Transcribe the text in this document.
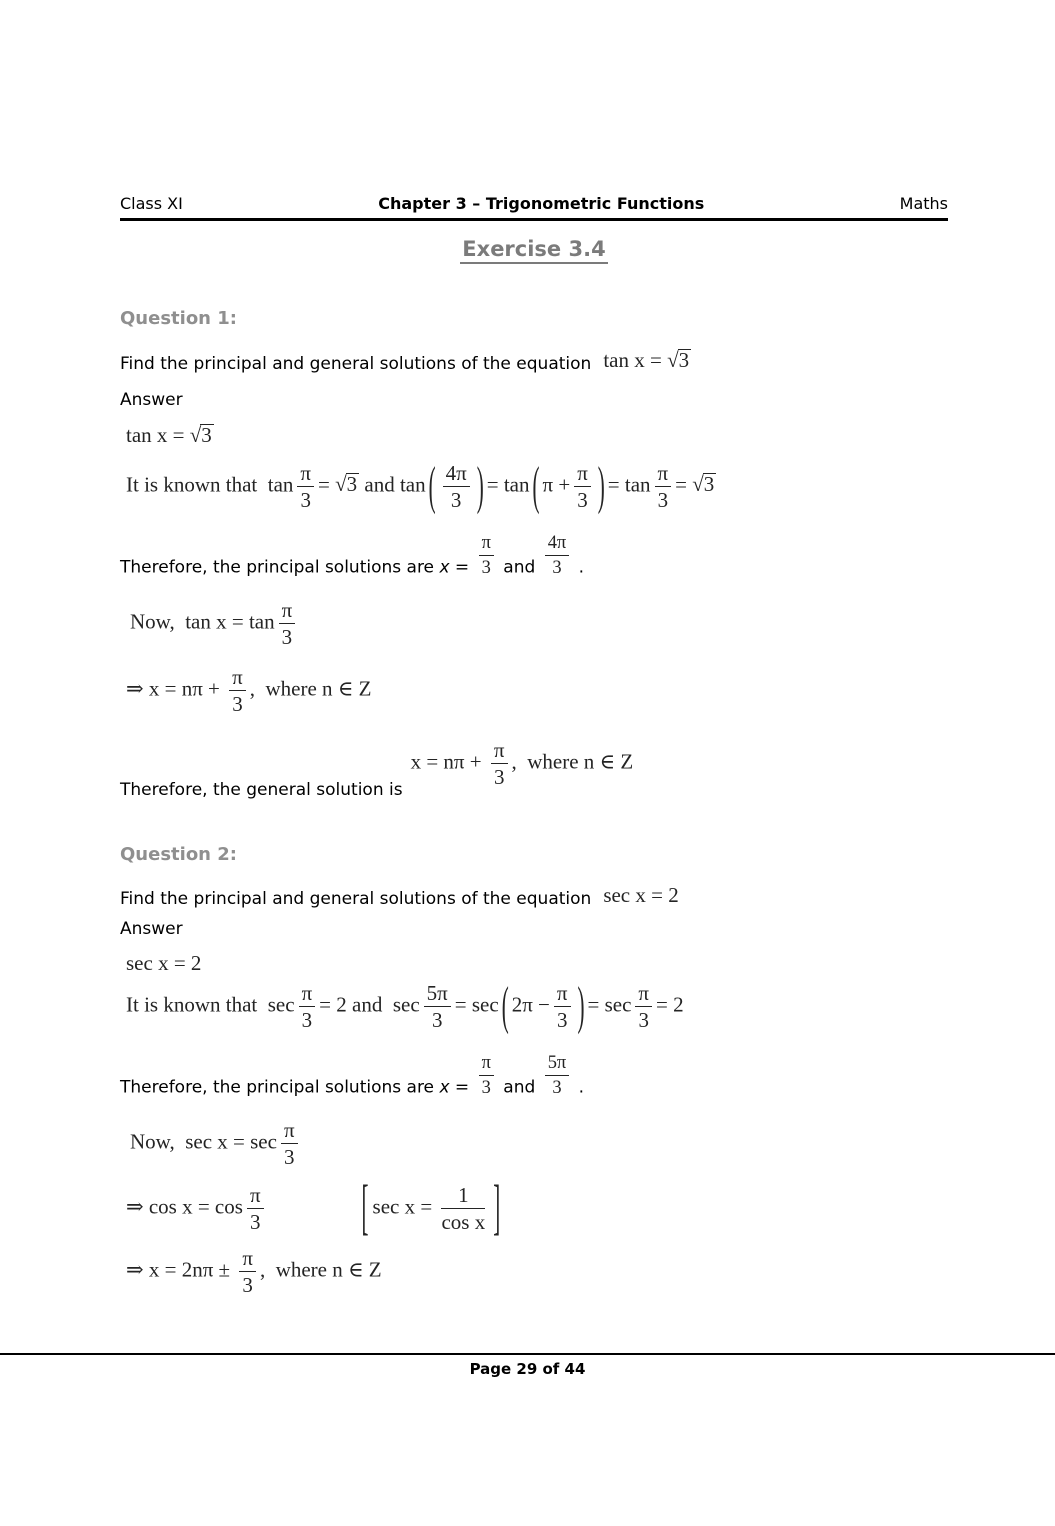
Class XI	Chapter 3 – Trigonometric Functions	Maths
Exercise 3.4
Question 1:
Find the principal and general solutions of the equation tan x = √3
Answer
tan x = √3
It is known that  $\tan \frac{\pi}{3} = √3$ and tan ( $\frac{4\pi}{3}$ ) = tan ( $\pi + \frac{\pi}{3}$ ) = $\tan \frac{\pi}{3} = √3$
Therefore, the principal solutions are $x = \frac{\pi}{3}$ and $\frac{4\pi}{3}$ .
Now,  $\tan x = \tan \frac{\pi}{3}$
⇒ $x = n\pi + \frac{\pi}{3}$ ,  where n ∈ Z
Therefore, the general solution is
$x = n\pi + \frac{\pi}{3}$ ,  where n ∈ Z
Question 2:
Find the principal and general solutions of the equation sec x = 2
Answer
sec x = 2
It is known that  $\sec \frac{\pi}{3} = 2$ and  $\sec \frac{5\pi}{3} = \sec$ ( $2\pi - \frac{\pi}{3}$ ) = $\sec \frac{\pi}{3} = 2$
Therefore, the principal solutions are $x = \frac{\pi}{3}$ and $\frac{5\pi}{3}$ .
Now,  $\sec x = \sec \frac{\pi}{3}$
⇒ $\cos x = \cos \frac{\pi}{3}$	[ $\sec x = \frac{1}{\text{cos x}}$ ]
⇒ $x = 2n\pi \pm \frac{\pi}{3}$ ,  where n ∈ Z
Page 29 of 44
